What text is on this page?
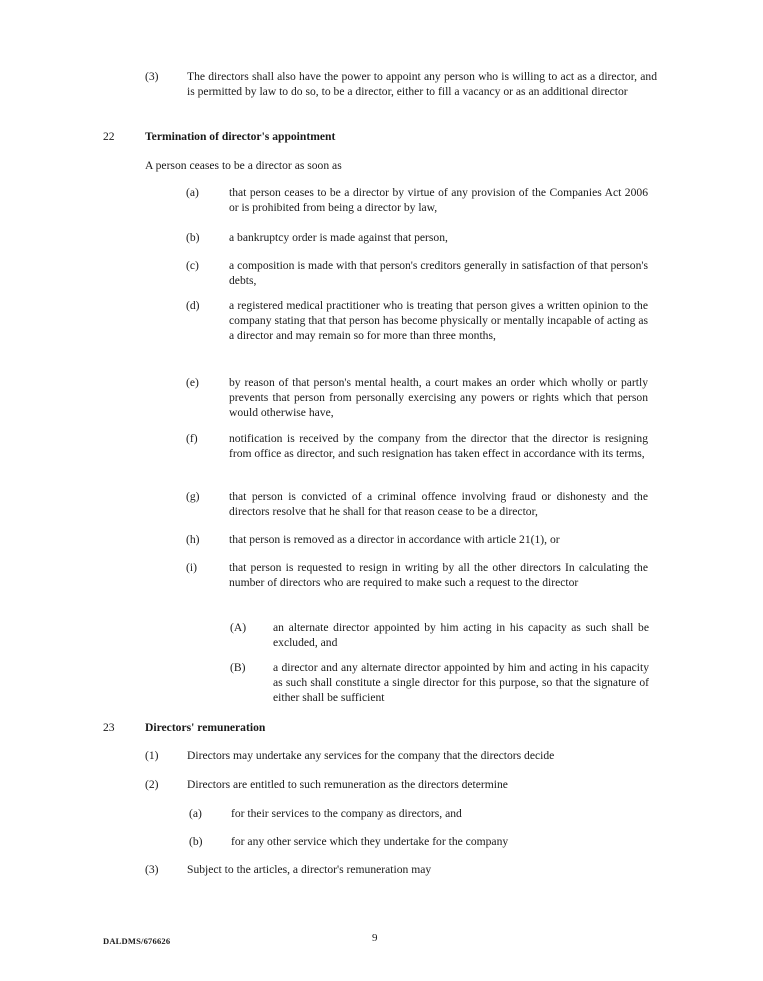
(3) The directors shall also have the power to appoint any person who is willing to act as a director, and is permitted by law to do so, to be a director, either to fill a vacancy or as an additional director
22	Termination of director's appointment
A person ceases to be a director as soon as
(a)	that person ceases to be a director by virtue of any provision of the Companies Act 2006 or is prohibited from being a director by law,
(b)	a bankruptcy order is made against that person,
(c)	a composition is made with that person's creditors generally in satisfaction of that person's debts,
(d)	a registered medical practitioner who is treating that person gives a written opinion to the company stating that that person has become physically or mentally incapable of acting as a director and may remain so for more than three months,
(e)	by reason of that person's mental health, a court makes an order which wholly or partly prevents that person from personally exercising any powers or rights which that person would otherwise have,
(f)	notification is received by the company from the director that the director is resigning from office as director, and such resignation has taken effect in accordance with its terms,
(g)	that person is convicted of a criminal offence involving fraud or dishonesty and the directors resolve that he shall for that reason cease to be a director,
(h)	that person is removed as a director in accordance with article 21(1), or
(i)	that person is requested to resign in writing by all the other directors In calculating the number of directors who are required to make such a request to the director
(A) an alternate director appointed by him acting in his capacity as such shall be excluded, and
(B) a director and any alternate director appointed by him and acting in his capacity as such shall constitute a single director for this purpose, so that the signature of either shall be sufficient
23	Directors' remuneration
(1) Directors may undertake any services for the company that the directors decide
(2) Directors are entitled to such remuneration as the directors determine
(a)	for their services to the company as directors, and
(b) for any other service which they undertake for the company
(3) Subject to the articles, a director's remuneration may
DALDMS/676626	9
